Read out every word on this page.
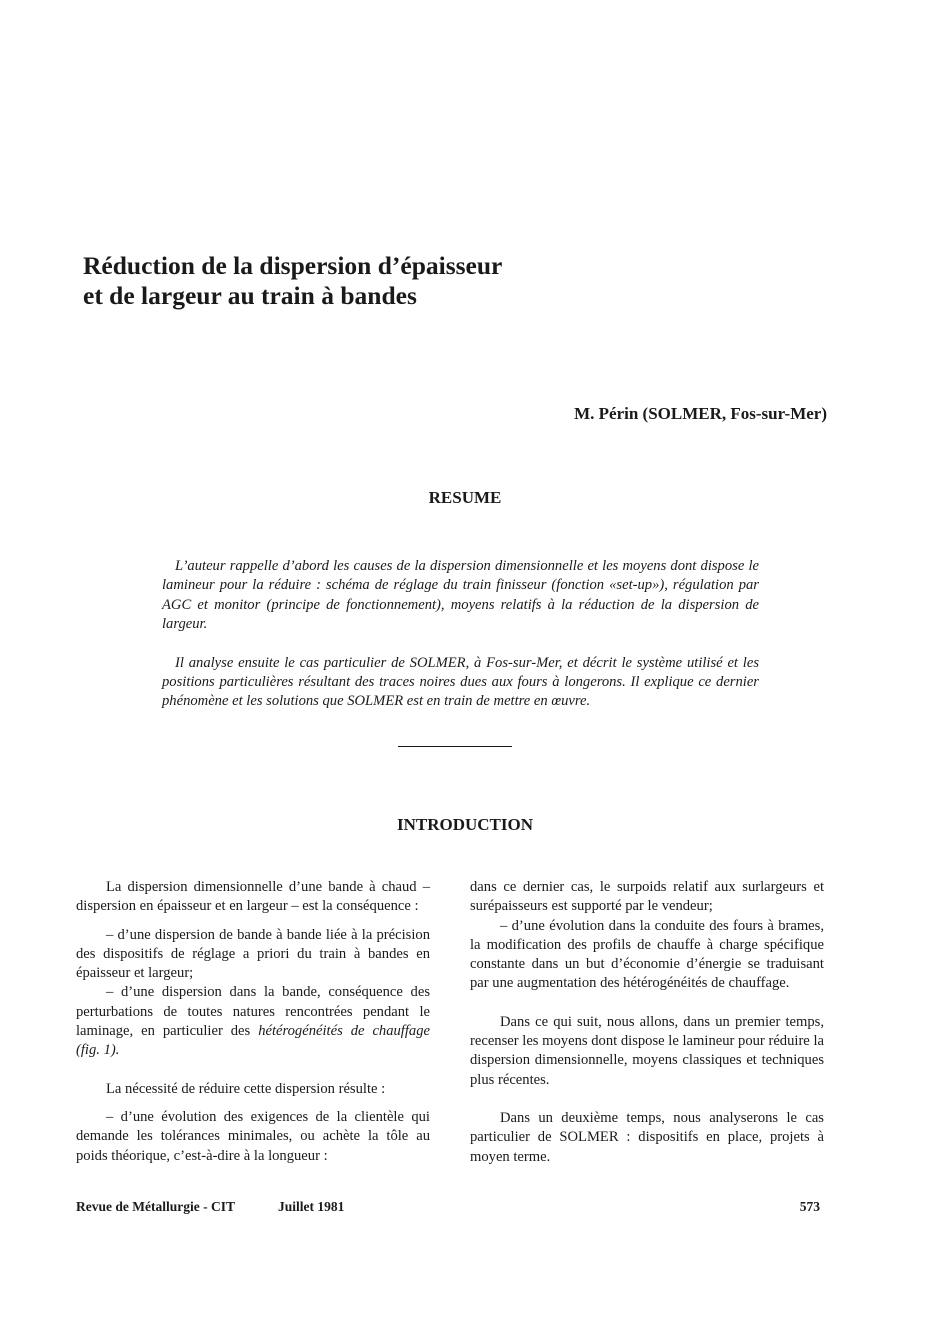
Réduction de la dispersion d’épaisseur
et de largeur au train à bandes

M. Périn (SOLMER, Fos-sur-Mer)

RESUME

L’auteur rappelle d’abord les causes de la dispersion dimensionnelle et les moyens dont dispose le lamineur pour la réduire : schéma de réglage du train finisseur (fonction «set-up»), régulation par AGC et monitor (principe de fonctionnement), moyens relatifs à la réduction de la dispersion de largeur.

Il analyse ensuite le cas particulier de SOLMER, à Fos-sur-Mer, et décrit le système utilisé et les positions particulières résultant des traces noires dues aux fours à longerons. Il explique ce dernier phénomène et les solutions que SOLMER est en train de mettre en œuvre.

INTRODUCTION

La dispersion dimensionnelle d’une bande à chaud – dispersion en épaisseur et en largeur – est la conséquence :

– d’une dispersion de bande à bande liée à la précision des dispositifs de réglage a priori du train à bandes en épaisseur et largeur;

– d’une dispersion dans la bande, conséquence des perturbations de toutes natures rencontrées pendant le laminage, en particulier des hétérogénéités de chauffage (fig. 1).

La nécessité de réduire cette dispersion résulte :

– d’une évolution des exigences de la clientèle qui demande les tolérances minimales, ou achète la tôle au poids théorique, c’est-à-dire à la longueur :

dans ce dernier cas, le surpoids relatif aux surlargeurs et surépaisseurs est supporté par le vendeur;

– d’une évolution dans la conduite des fours à brames, la modification des profils de chauffe à charge spécifique constante dans un but d’économie d’énergie se traduisant par une augmentation des hétérogénéités de chauffage.

Dans ce qui suit, nous allons, dans un premier temps, recenser les moyens dont dispose le lamineur pour réduire la dispersion dimensionnelle, moyens classiques et techniques plus récentes.

Dans un deuxième temps, nous analyserons le cas particulier de SOLMER : dispositifs en place, projets à moyen terme.

Revue de Métallurgie - CIT	Juillet 1981	573
